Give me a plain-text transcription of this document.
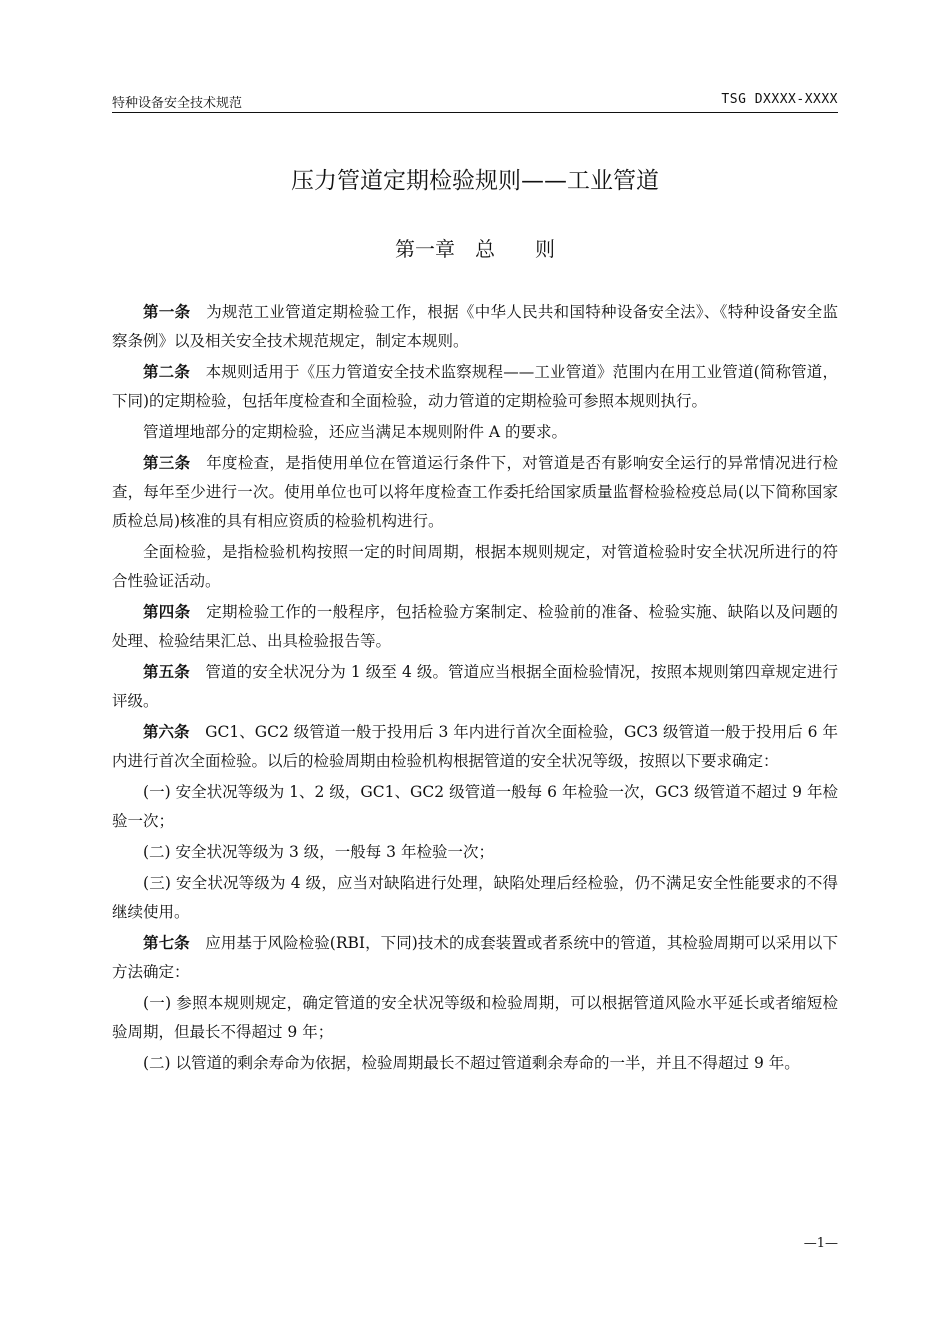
特种设备安全技术规范	TSG DXXXX-XXXX
压力管道定期检验规则——工业管道
第一章　 总　　则

第一条　 为规范工业管道定期检验工作，根据《中华人民共和国特种设备安全法》、《特种设备安全监察条例》以及相关安全技术规范规定，制定本规则。

第二条　 本规则适用于《压力管道安全技术监察规程——工业管道》范围内在用工业管道(简称管道，下同)的定期检验，包括年度检查和全面检验，动力管道的定期检验可参照本规则执行。

管道埋地部分的定期检验，还应当满足本规则附件 A 的要求。

第三条　 年度检查，是指使用单位在管道运行条件下，对管道是否有影响安全运行的异常情况进行检查，每年至少进行一次。使用单位也可以将年度检查工作委托给国家质量监督检验检疫总局(以下简称国家质检总局)核准的具有相应资质的检验机构进行。

全面检验，是指检验机构按照一定的时间周期，根据本规则规定，对管道检验时安全状况所进行的符合性验证活动。

第四条　 定期检验工作的一般程序，包括检验方案制定、检验前的准备、检验实施、缺陷以及问题的处理、检验结果汇总、出具检验报告等。

第五条　 管道的安全状况分为 1 级至 4 级。管道应当根据全面检验情况，按照本规则第四章规定进行评级。

第六条　 GC1、GC2 级管道一般于投用后 3 年内进行首次全面检验，GC3 级管道一般于投用后 6 年内进行首次全面检验。以后的检验周期由检验机构根据管道的安全状况等级，按照以下要求确定：

(一) 安全状况等级为 1、2 级，GC1、GC2 级管道一般每 6 年检验一次，GC3 级管道不超过 9 年检验一次；

(二) 安全状况等级为 3 级，一般每 3 年检验一次；

(三) 安全状况等级为 4 级，应当对缺陷进行处理，缺陷处理后经检验，仍不满足安全性能要求的不得继续使用。

第七条　 应用基于风险检验(RBI，下同)技术的成套装置或者系统中的管道，其检验周期可以采用以下方法确定：

(一) 参照本规则规定，确定管道的安全状况等级和检验周期，可以根据管道风险水平延长或者缩短检验周期，但最长不得超过 9 年；

(二) 以管道的剩余寿命为依据，检验周期最长不超过管道剩余寿命的一半，并且不得超过 9 年。

—1—
